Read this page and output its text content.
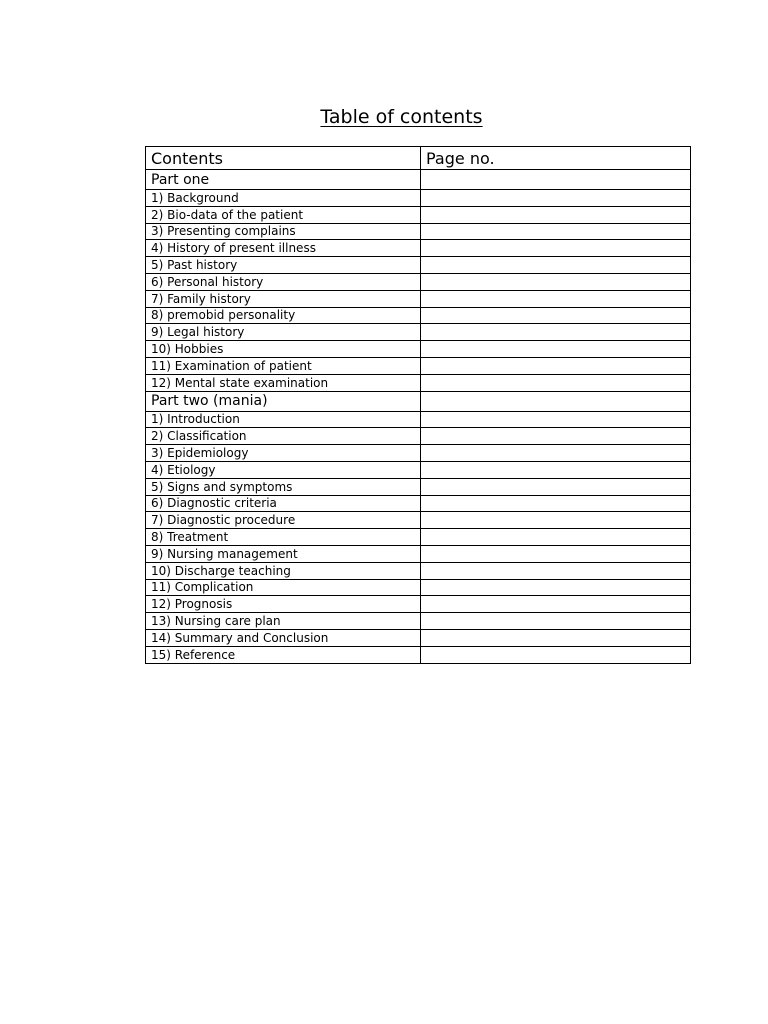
Table of contents
Contents	Page no.
Part one	
1) Background	
2) Bio-data of the patient	
3) Presenting complains	
4) History of present illness	
5) Past history	
6) Personal history	
7) Family history	
8) premobid personality	
9) Legal history	
10) Hobbies	
11) Examination of patient	
12) Mental state examination	
Part two (mania)	
1) Introduction	
2) Classification	
3) Epidemiology	
4) Etiology	
5) Signs and symptoms	
6) Diagnostic criteria	
7) Diagnostic procedure	
8) Treatment	
9) Nursing management	
10) Discharge teaching	
11) Complication	
12) Prognosis	
13) Nursing care plan	
14) Summary and Conclusion	
15) Reference	
